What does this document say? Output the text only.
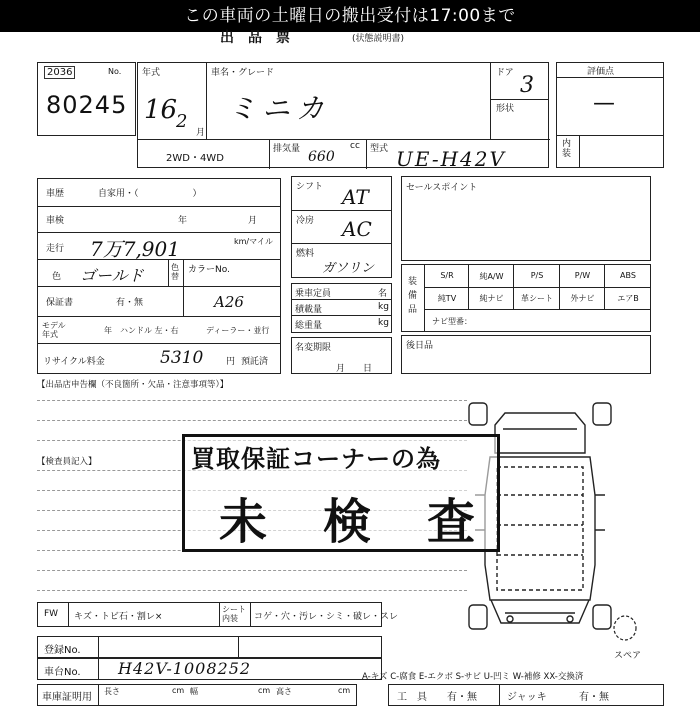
この車両の土曜日の搬出受付は17:00まで
出　品　票	(状態説明書)
2036	No.
80245
年式
16
2
月
車名・グレード
ミニカ
ドア 3
形状
2WD・4WD
排気量 660
cc 型式 UE-H42V
評価点
—
内装
車歴	自家用・（　　　　　　）
車検	年	月
走行 7万7,901	km/マイル
色 ゴールド	色替
カラーNo.
保証書	有・無	A26
モデル年式	年 ハンドル 左・右	ディーラー・並行
リサイクル料金	5310	円 預託済
シフト AT
冷房 AC
燃料
ガソリン
乗車定員	名
積載量	kg
総重量	kg
名変期限
月　　日
セールスポイント
装備品
S/R	純A/W	P/S	P/W	ABS
純TV	純ナビ	革シート	外ナビ	エアB
ナビ型番：
後日品
【出品店申告欄（不良箇所・欠品・注意事項等）】
【検査員記入】
スペア
買取保証コーナーの為
未　検　査
FW キズ・トビ石・割レ×
シート内装	コゲ・穴・汚レ・シミ・破レ・スレ
登録No.
車台No. H42V-1008252
車庫証明用
長さ	cm 幅	cm 高さ	cm
A-キズ C-腐食 E-エクボ S-サビ U-凹ミ W-補修 XX-交換済
工　具 有・無	ジャッキ	有・無
